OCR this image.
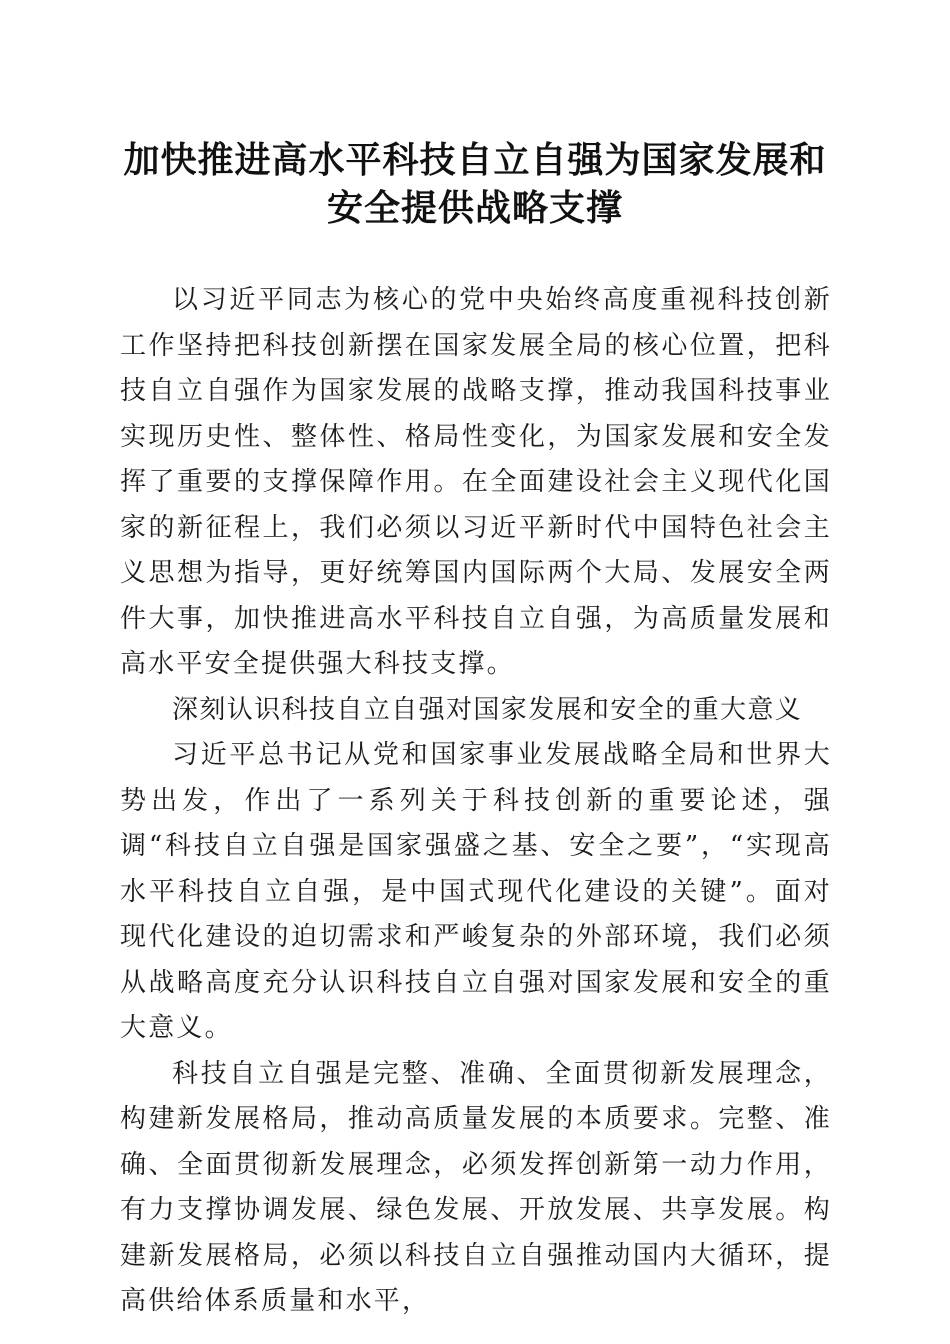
加快推进高水平科技自立自强为国家发展和安全提供战略支撑

以习近平同志为核心的党中央始终高度重视科技创新工作坚持把科技创新摆在国家发展全局的核心位置，把科技自立自强作为国家发展的战略支撑，推动我国科技事业实现历史性、整体性、格局性变化，为国家发展和安全发挥了重要的支撑保障作用。在全面建设社会主义现代化国家的新征程上，我们必须以习近平新时代中国特色社会主义思想为指导，更好统筹国内国际两个大局、发展安全两件大事，加快推进高水平科技自立自强，为高质量发展和高水平安全提供强大科技支撑。

深刻认识科技自立自强对国家发展和安全的重大意义

习近平总书记从党和国家事业发展战略全局和世界大势出发，作出了一系列关于科技创新的重要论述，强调“科技自立自强是国家强盛之基、安全之要”，“实现高水平科技自立自强，是中国式现代化建设的关键”。面对现代化建设的迫切需求和严峻复杂的外部环境，我们必须从战略高度充分认识科技自立自强对国家发展和安全的重大意义。

科技自立自强是完整、准确、全面贯彻新发展理念，构建新发展格局，推动高质量发展的本质要求。完整、准确、全面贯彻新发展理念，必须发挥创新第一动力作用，有力支撑协调发展、绿色发展、开放发展、共享发展。构建新发展格局，必须以科技自立自强推动国内大循环，提高供给体系质量和水平，
